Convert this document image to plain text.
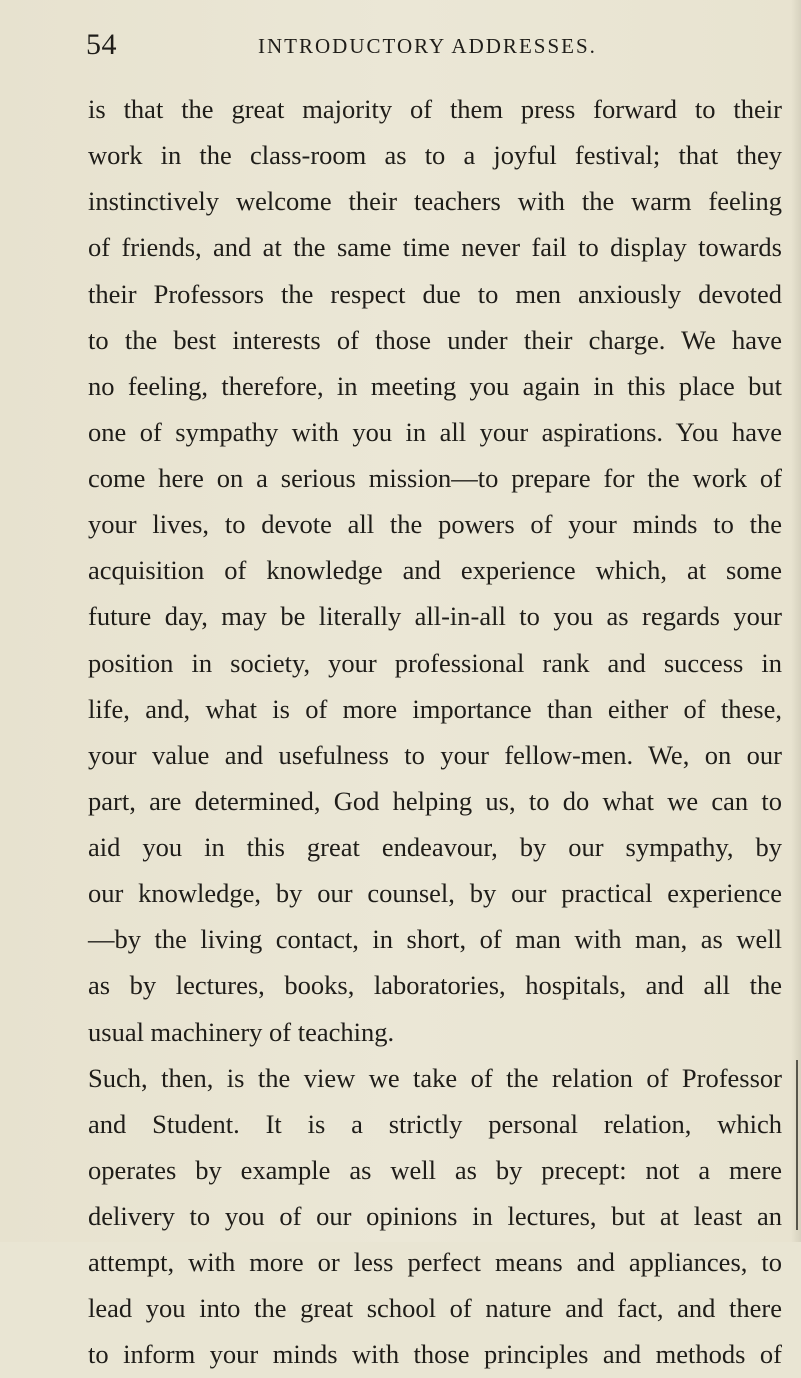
54	INTRODUCTORY ADDRESSES.
is that the great majority of them press forward to their
work in the class-room as to a joyful festival; that they
instinctively welcome their teachers with the warm feeling
of friends, and at the same time never fail to display towards
their Professors the respect due to men anxiously devoted
to the best interests of those under their charge. We have
no feeling, therefore, in meeting you again in this place but
one of sympathy with you in all your aspirations. You have
come here on a serious mission—to prepare for the work of
your lives, to devote all the powers of your minds to the
acquisition of knowledge and experience which, at some
future day, may be literally all-in-all to you as regards your
position in society, your professional rank and success in
life, and, what is of more importance than either of these,
your value and usefulness to your fellow-men. We, on our
part, are determined, God helping us, to do what we can to
aid you in this great endeavour, by our sympathy, by
our knowledge, by our counsel, by our practical experience
—by the living contact, in short, of man with man, as well
as by lectures, books, laboratories, hospitals, and all the
usual machinery of teaching.
Such, then, is the view we take of the relation of Professor
and Student. It is a strictly personal relation, which
operates by example as well as by precept: not a mere
delivery to you of our opinions in lectures, but at least an
attempt, with more or less perfect means and appliances, to
lead you into the great school of nature and fact, and there
to inform your minds with those principles and methods of
